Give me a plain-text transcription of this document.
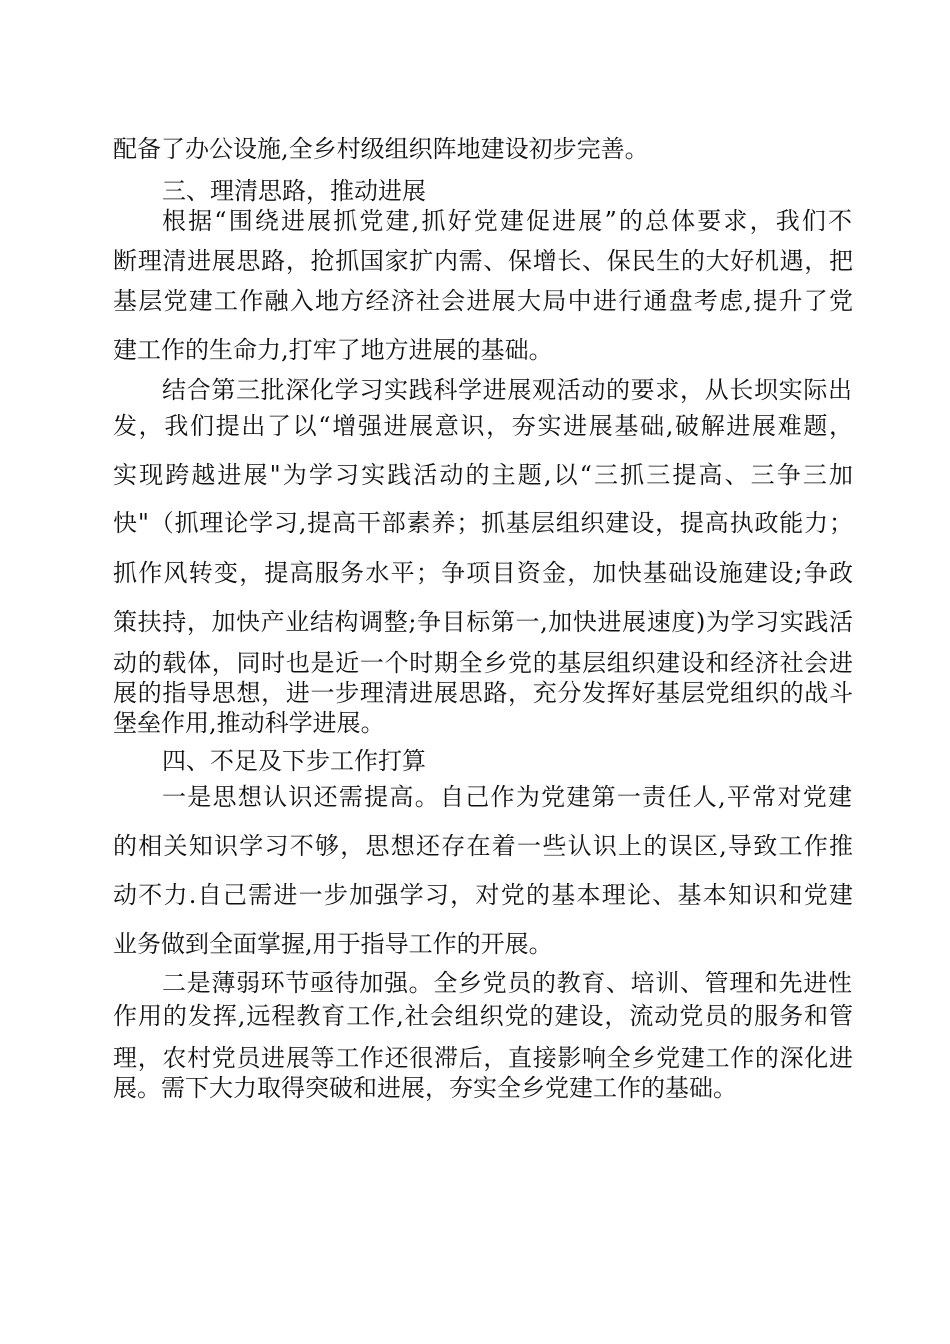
配备了办公设施,全乡村级组织阵地建设初步完善。
三、理清思路，推动进展
根据“围绕进展抓党建,抓好党建促进展”的总体要求，我们不
断理清进展思路，抢抓国家扩内需、保增长、保民生的大好机遇，把
基层党建工作融入地方经济社会进展大局中进行通盘考虑,提升了党
建工作的生命力,打牢了地方进展的基础。
结合第三批深化学习实践科学进展观活动的要求，从长坝实际出
发，我们提出了以“增强进展意识，夯实进展基础,破解进展难题，
实现跨越进展"为学习实践活动的主题,以“三抓三提高、三争三加
快"（抓理论学习,提高干部素养；抓基层组织建设，提高执政能力；
抓作风转变，提高服务水平；争项目资金，加快基础设施建设;争政
策扶持，加快产业结构调整;争目标第一,加快进展速度)为学习实践活
动的载体，同时也是近一个时期全乡党的基层组织建设和经济社会进
展的指导思想，进一步理清进展思路，充分发挥好基层党组织的战斗
堡垒作用,推动科学进展。
四、不足及下步工作打算
一是思想认识还需提高。自己作为党建第一责任人,平常对党建
的相关知识学习不够，思想还存在着一些认识上的误区,导致工作推
动不力.自己需进一步加强学习，对党的基本理论、基本知识和党建
业务做到全面掌握,用于指导工作的开展。
二是薄弱环节亟待加强。全乡党员的教育、培训、管理和先进性
作用的发挥,远程教育工作,社会组织党的建设，流动党员的服务和管
理，农村党员进展等工作还很滞后，直接影响全乡党建工作的深化进
展。需下大力取得突破和进展，夯实全乡党建工作的基础。
